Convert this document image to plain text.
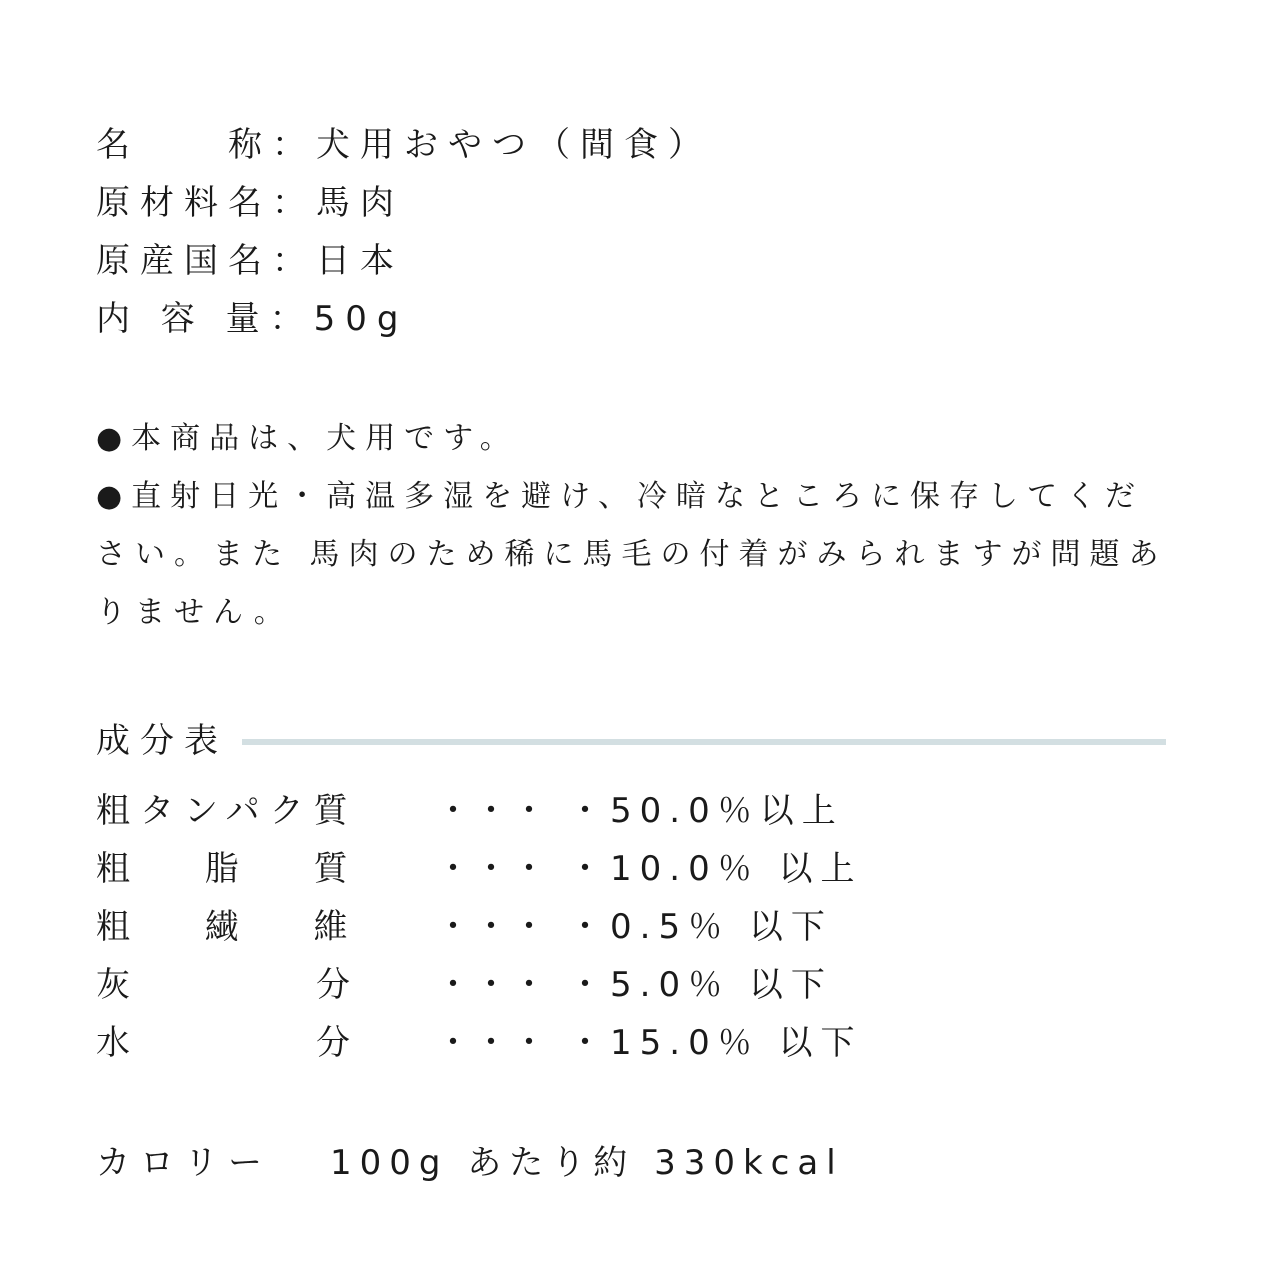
名　　称：犬用おやつ（間食）
原材料名：馬肉
原産国名：日本
内 容 量：50g
●本商品は、犬用です。
●直射日光・高温多湿を避け、冷暗なところに保存してくだ
さい。また 馬肉のため稀に馬毛の付着がみられますが問題あ
りません。
成分表
粗タンパク質	・・・ ・50.0％以上
粗　 脂　 質	・・・ ・10.0％ 以上
粗　 繊　 維	・・・ ・0.5％ 以下
灰　　　　分	・・・ ・5.0％ 以下
水　　　　分	・・・ ・15.0％ 以下
カロリー	100g あたり約 330kcal
